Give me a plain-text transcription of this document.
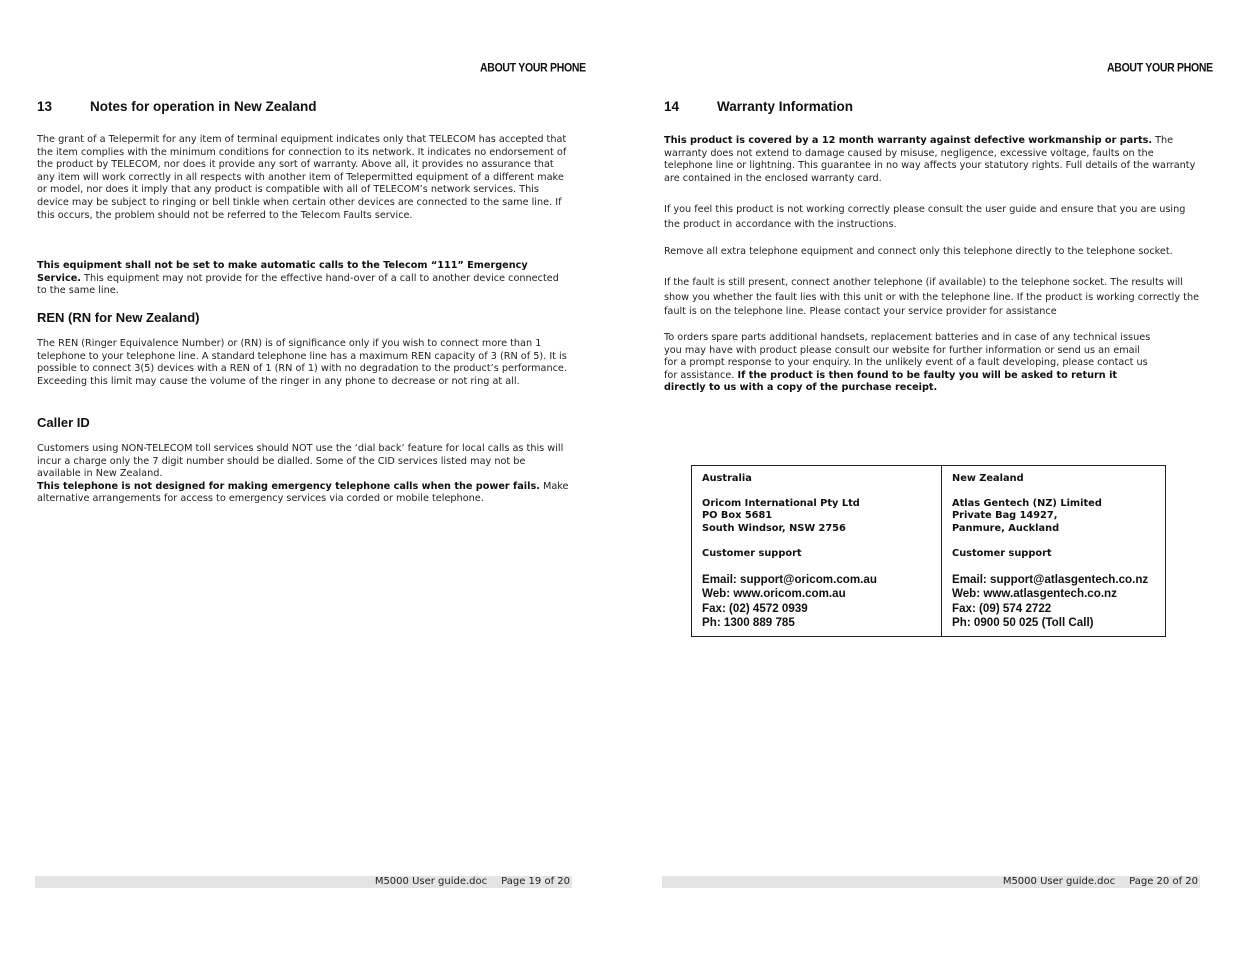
ABOUT YOUR PHONE
13	Notes for operation in New Zealand

The grant of a Telepermit for any item of terminal equipment indicates only that TELECOM has accepted that the item complies with the minimum conditions for connection to its network. It indicates no endorsement of the product by TELECOM, nor does it provide any sort of warranty. Above all, it provides no assurance that any item will work correctly in all respects with another item of Telepermitted equipment of a different make or model, nor does it imply that any product is compatible with all of TELECOM’s network services. This device may be subject to ringing or bell tinkle when certain other devices are connected to the same line. If this occurs, the problem should not be referred to the Telecom Faults service.

This equipment shall not be set to make automatic calls to the Telecom “111” Emergency Service. This equipment may not provide for the effective hand-over of a call to another device connected to the same line.

REN (RN for New Zealand)

The REN (Ringer Equivalence Number) or (RN) is of significance only if you wish to connect more than 1 telephone to your telephone line. A standard telephone line has a maximum REN capacity of 3 (RN of 5). It is possible to connect 3(5) devices with a REN of 1 (RN of 1) with no degradation to the product’s performance. Exceeding this limit may cause the volume of the ringer in any phone to decrease or not ring at all.

Caller ID

Customers using NON-TELECOM toll services should NOT use the ‘dial back’ feature for local calls as this will incur a charge only the 7 digit number should be dialled. Some of the CID services listed may not be available in New Zealand.
This telephone is not designed for making emergency telephone calls when the power fails. Make alternative arrangements for access to emergency services via corded or mobile telephone.

M5000 User guide.doc Page 19 of 20
ABOUT YOUR PHONE
14	Warranty Information

This product is covered by a 12 month warranty against defective workmanship or parts. The warranty does not extend to damage caused by misuse, negligence, excessive voltage, faults on the telephone line or lightning. This guarantee in no way affects your statutory rights. Full details of the warranty are contained in the enclosed warranty card.

If you feel this product is not working correctly please consult the user guide and ensure that you are using the product in accordance with the instructions.

Remove all extra telephone equipment and connect only this telephone directly to the telephone socket.

If the fault is still present, connect another telephone (if available) to the telephone socket. The results will show you whether the fault lies with this unit or with the telephone line. If the product is working correctly the fault is on the telephone line. Please contact your service provider for assistance

To orders spare parts additional handsets, replacement batteries and in case of any technical issues you may have with product please consult our website for further information or send us an email for a prompt response to your enquiry. In the unlikely event of a fault developing, please contact us for assistance. If the product is then found to be faulty you will be asked to return it directly to us with a copy of the purchase receipt.

Australia
Oricom International Pty Ltd
PO Box 5681
South Windsor, NSW 2756
Customer support
Email: support@oricom.com.au
Web: www.oricom.com.au
Fax: (02) 4572 0939
Ph: 1300 889 785
New Zealand
Atlas Gentech (NZ) Limited
Private Bag 14927,
Panmure, Auckland
Customer support
Email: support@atlasgentech.co.nz
Web: www.atlasgentech.co.nz
Fax: (09) 574 2722
Ph: 0900 50 025 (Toll Call)
M5000 User guide.doc Page 20 of 20
